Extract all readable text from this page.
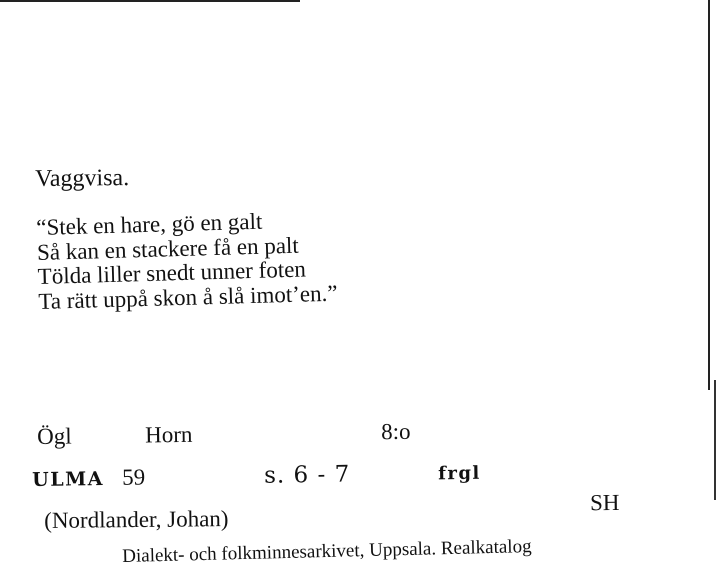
Vaggvisa.
“Stek en hare, gö en galt
Så kan en stackere få en palt
Tölda liller snedt unner foten
Ta rätt uppå skon å slå imot’en.”
Ögl	Horn	8:o
ULMA 59	s. 6 - 7	frgl
(Nordlander, Johan)
SH
Dialekt- och folkminnesarkivet, Uppsala. Realkatalog
